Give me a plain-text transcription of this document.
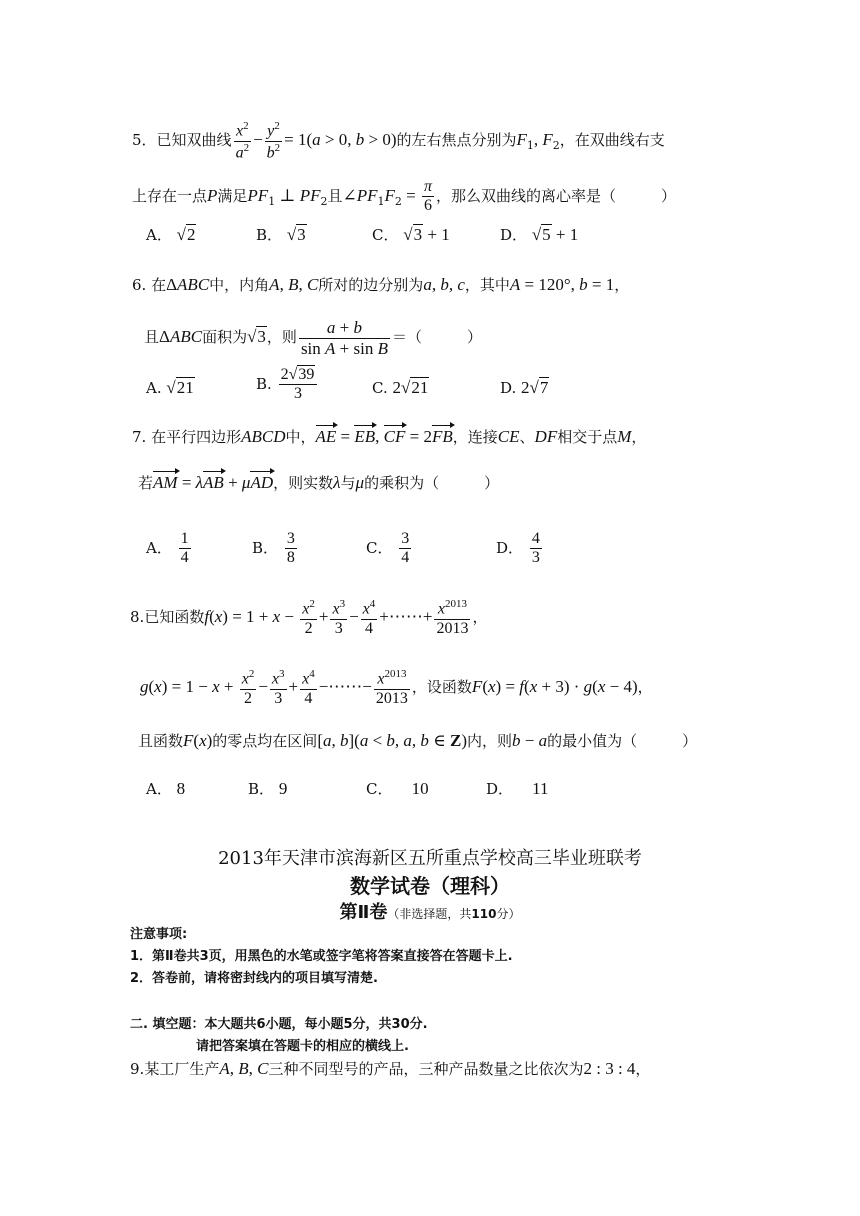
5．已知双曲线 $\frac{x^2}{a^2} - \frac{y^2}{b^2} = 1(a > 0$, b > 0)的左右焦点分别为$F_1$, $F_2$，在双曲线右支
上存在一点P满足$PF_1$ ⊥ $PF_2$且$\angle PF_1F_2 = \frac{\pi}{6}$ ，那么双曲线的离心率是（　　　）
A． √2	B． √3	C． √3 + 1	D． √5 + 1
6. 在ΔABC中，内角A, B, C所对的边分别为a, b, c，其中A = 120°, b = 1，
且ΔABC面积为√3，则 $\frac{a + b}{\text{sin A + sin B}}$ ＝（　　　）
A. √21	B. $\frac{2√39}{3}$	C. 2√21	D. 2√7
7. 在平行四边形ABCD中，AE = EB, CF = 2FB，连接CE、DF相交于点M，
若AM = λAB + μAD，则实数λ与μ的乘积为（　　　）
A． $\frac{1}{4}$	B． $\frac{3}{8}$	C． $\frac{3}{4}$	D． $\frac{4}{3}$
8.已知函数$f(x) = 1 + x - \frac{x^2}{2} + \frac{x^3}{3} - \frac{x^4}{4}$ +⋯⋯+ $\frac{x^{2013}}{2013}$ ，
$g(x) = 1 - x + \frac{x^2}{2} - \frac{x^3}{3} + \frac{x^4}{4}$ −⋯⋯− $\frac{x^{2013}}{2013}$ ，设函数F(x) = f(x + 3) · g(x − 4)，
且函数F(x)的零点均在区间[a, b](a < b, a, b ∈ Z)内，则b − a的最小值为（　　　）
A． 8	B． 9	C． 10	D． 11
2013年天津市滨海新区五所重点学校高三毕业班联考
数学试卷（理科）
第Ⅱ卷（非选择题，共110分）
注意事项:
1．第Ⅱ卷共3页，用黑色的水笔或签字笔将答案直接答在答题卡上.
2．答卷前，请将密封线内的项目填写清楚.
二. 填空题：本大题共6小题，每小题5分，共30分.
请把答案填在答题卡的相应的横线上.
9.某工厂生产A, B, C三种不同型号的产品，三种产品数量之比依次为2 : 3 : 4，
